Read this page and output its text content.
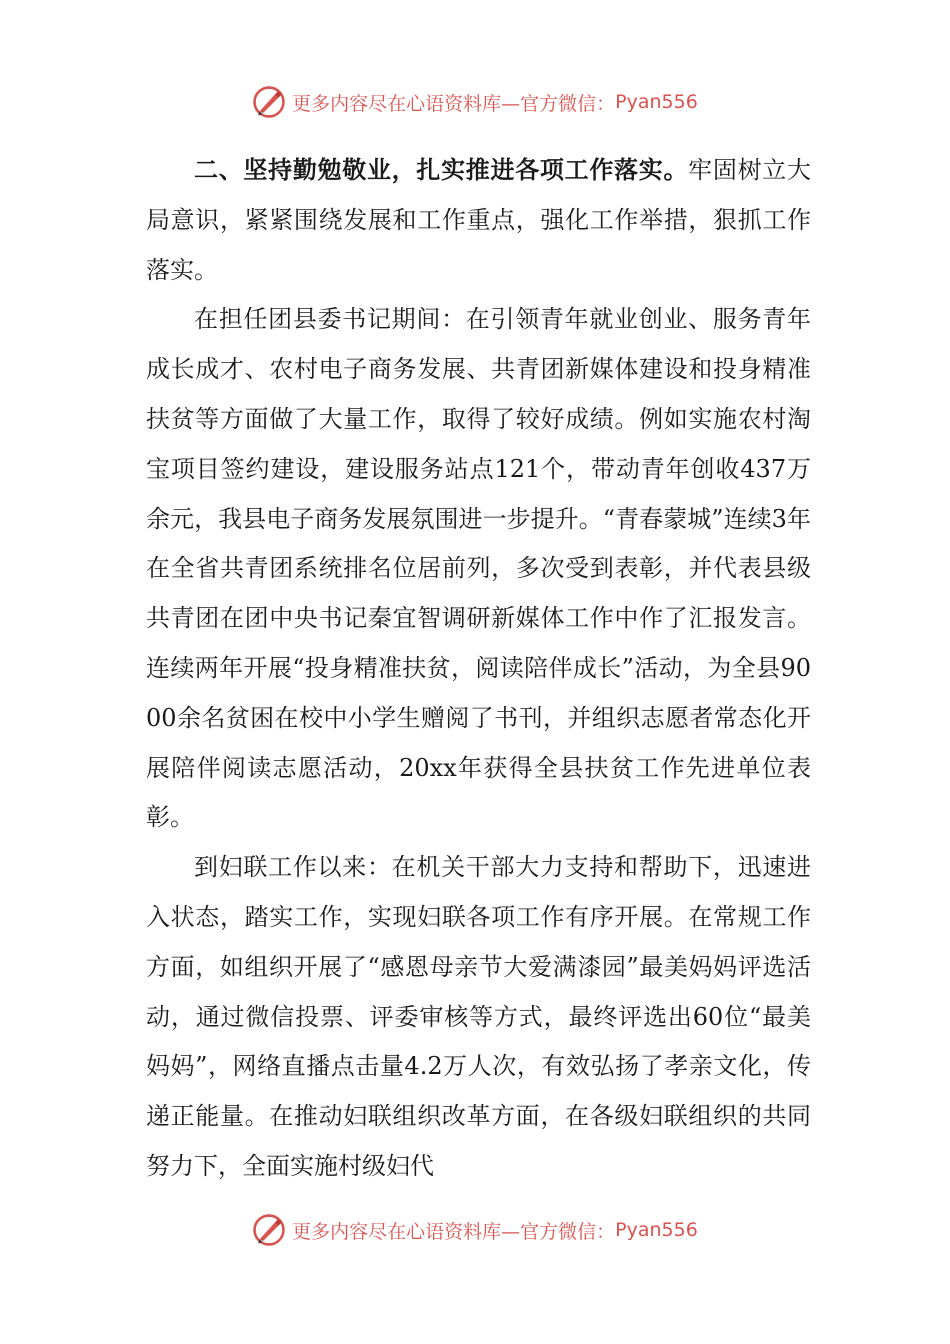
更多内容尽在心语资料库—官方微信： Pyan556

二、坚持勤勉敬业，扎实推进各项工作落实。牢固树立大局意识，紧紧围绕发展和工作重点，强化工作举措，狠抓工作落实。

在担任团县委书记期间：在引领青年就业创业、服务青年成长成才、农村电子商务发展、共青团新媒体建设和投身精准扶贫等方面做了大量工作，取得了较好成绩。例如实施农村淘宝项目签约建设，建设服务站点121个，带动青年创收437万余元，我县电子商务发展氛围进一步提升。“青春蒙城”连续3年在全省共青团系统排名位居前列，多次受到表彰，并代表县级共青团在团中央书记秦宜智调研新媒体工作中作了汇报发言。连续两年开展“投身精准扶贫，阅读陪伴成长”活动，为全县9000余名贫困在校中小学生赠阅了书刊，并组织志愿者常态化开展陪伴阅读志愿活动，20xx年获得全县扶贫工作先进单位表彰。

到妇联工作以来：在机关干部大力支持和帮助下，迅速进入状态，踏实工作，实现妇联各项工作有序开展。在常规工作方面，如组织开展了“感恩母亲节大爱满漆园”最美妈妈评选活动，通过微信投票、评委审核等方式，最终评选出60位“最美妈妈”，网络直播点击量4.2万人次，有效弘扬了孝亲文化，传递正能量。在推动妇联组织改革方面，在各级妇联组织的共同努力下，全面实施村级妇代

更多内容尽在心语资料库—官方微信： Pyan556
